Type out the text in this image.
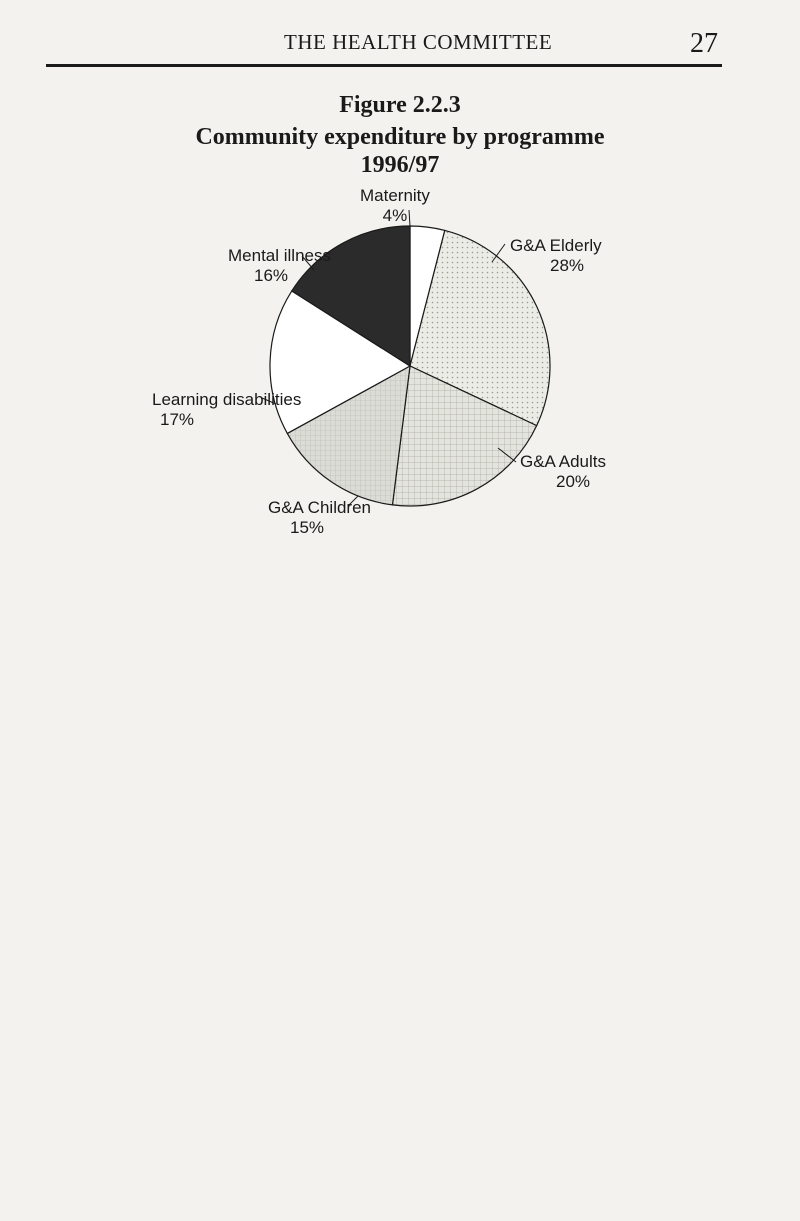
THE HEALTH COMMITTEE	27
Figure 2.2.3
Community expenditure by programme
1996/97
Maternity
4%
G&A Elderly
28%
G&A Adults
20%
G&A Children
15%
Learning disabilities
17%
Mental illness
16%
